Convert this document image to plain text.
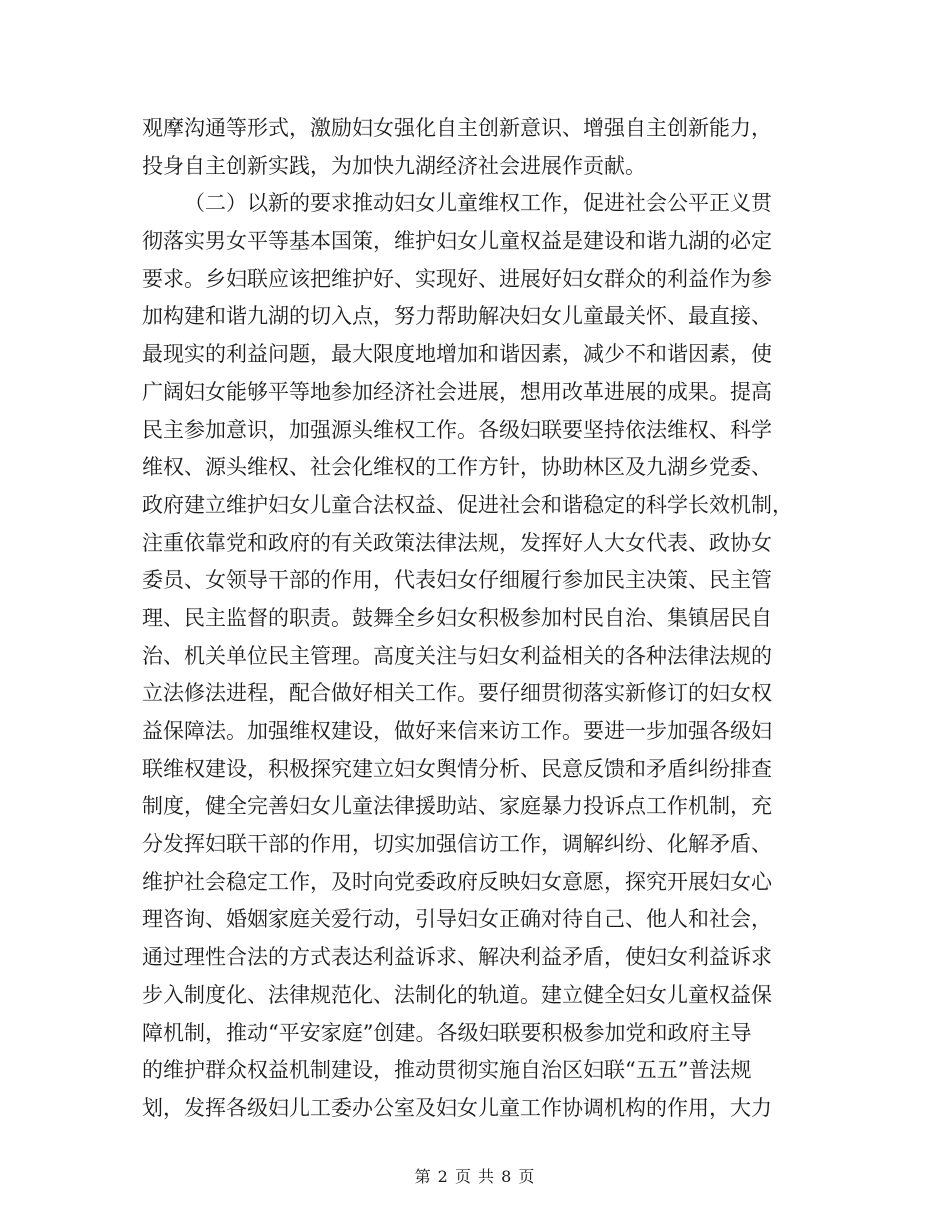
观摩沟通等形式，激励妇女强化自主创新意识、增强自主创新能力，
投身自主创新实践，为加快九湖经济社会进展作贡献。
（二）以新的要求推动妇女儿童维权工作，促进社会公平正义贯
彻落实男女平等基本国策，维护妇女儿童权益是建设和谐九湖的必定
要求。乡妇联应该把维护好、实现好、进展好妇女群众的利益作为参
加构建和谐九湖的切入点，努力帮助解决妇女儿童最关怀、最直接、
最现实的利益问题，最大限度地增加和谐因素，减少不和谐因素，使
广阔妇女能够平等地参加经济社会进展，想用改革进展的成果。提高
民主参加意识，加强源头维权工作。各级妇联要坚持依法维权、科学
维权、源头维权、社会化维权的工作方针，协助林区及九湖乡党委、
政府建立维护妇女儿童合法权益、促进社会和谐稳定的科学长效机制，
注重依靠党和政府的有关政策法律法规，发挥好人大女代表、政协女
委员、女领导干部的作用，代表妇女仔细履行参加民主决策、民主管
理、民主监督的职责。鼓舞全乡妇女积极参加村民自治、集镇居民自
治、机关单位民主管理。高度关注与妇女利益相关的各种法律法规的
立法修法进程，配合做好相关工作。要仔细贯彻落实新修订的妇女权
益保障法。加强维权建设，做好来信来访工作。要进一步加强各级妇
联维权建设，积极探究建立妇女舆情分析、民意反馈和矛盾纠纷排查
制度，健全完善妇女儿童法律援助站、家庭暴力投诉点工作机制，充
分发挥妇联干部的作用，切实加强信访工作，调解纠纷、化解矛盾、
维护社会稳定工作，及时向党委政府反映妇女意愿，探究开展妇女心
理咨询、婚姻家庭关爱行动，引导妇女正确对待自己、他人和社会，
通过理性合法的方式表达利益诉求、解决利益矛盾，使妇女利益诉求
步入制度化、法律规范化、法制化的轨道。建立健全妇女儿童权益保
障机制，推动“平安家庭”创建。各级妇联要积极参加党和政府主导
的维护群众权益机制建设，推动贯彻实施自治区妇联“五五”普法规
划，发挥各级妇儿工委办公室及妇女儿童工作协调机构的作用，大力
第 2 页 共 8 页
